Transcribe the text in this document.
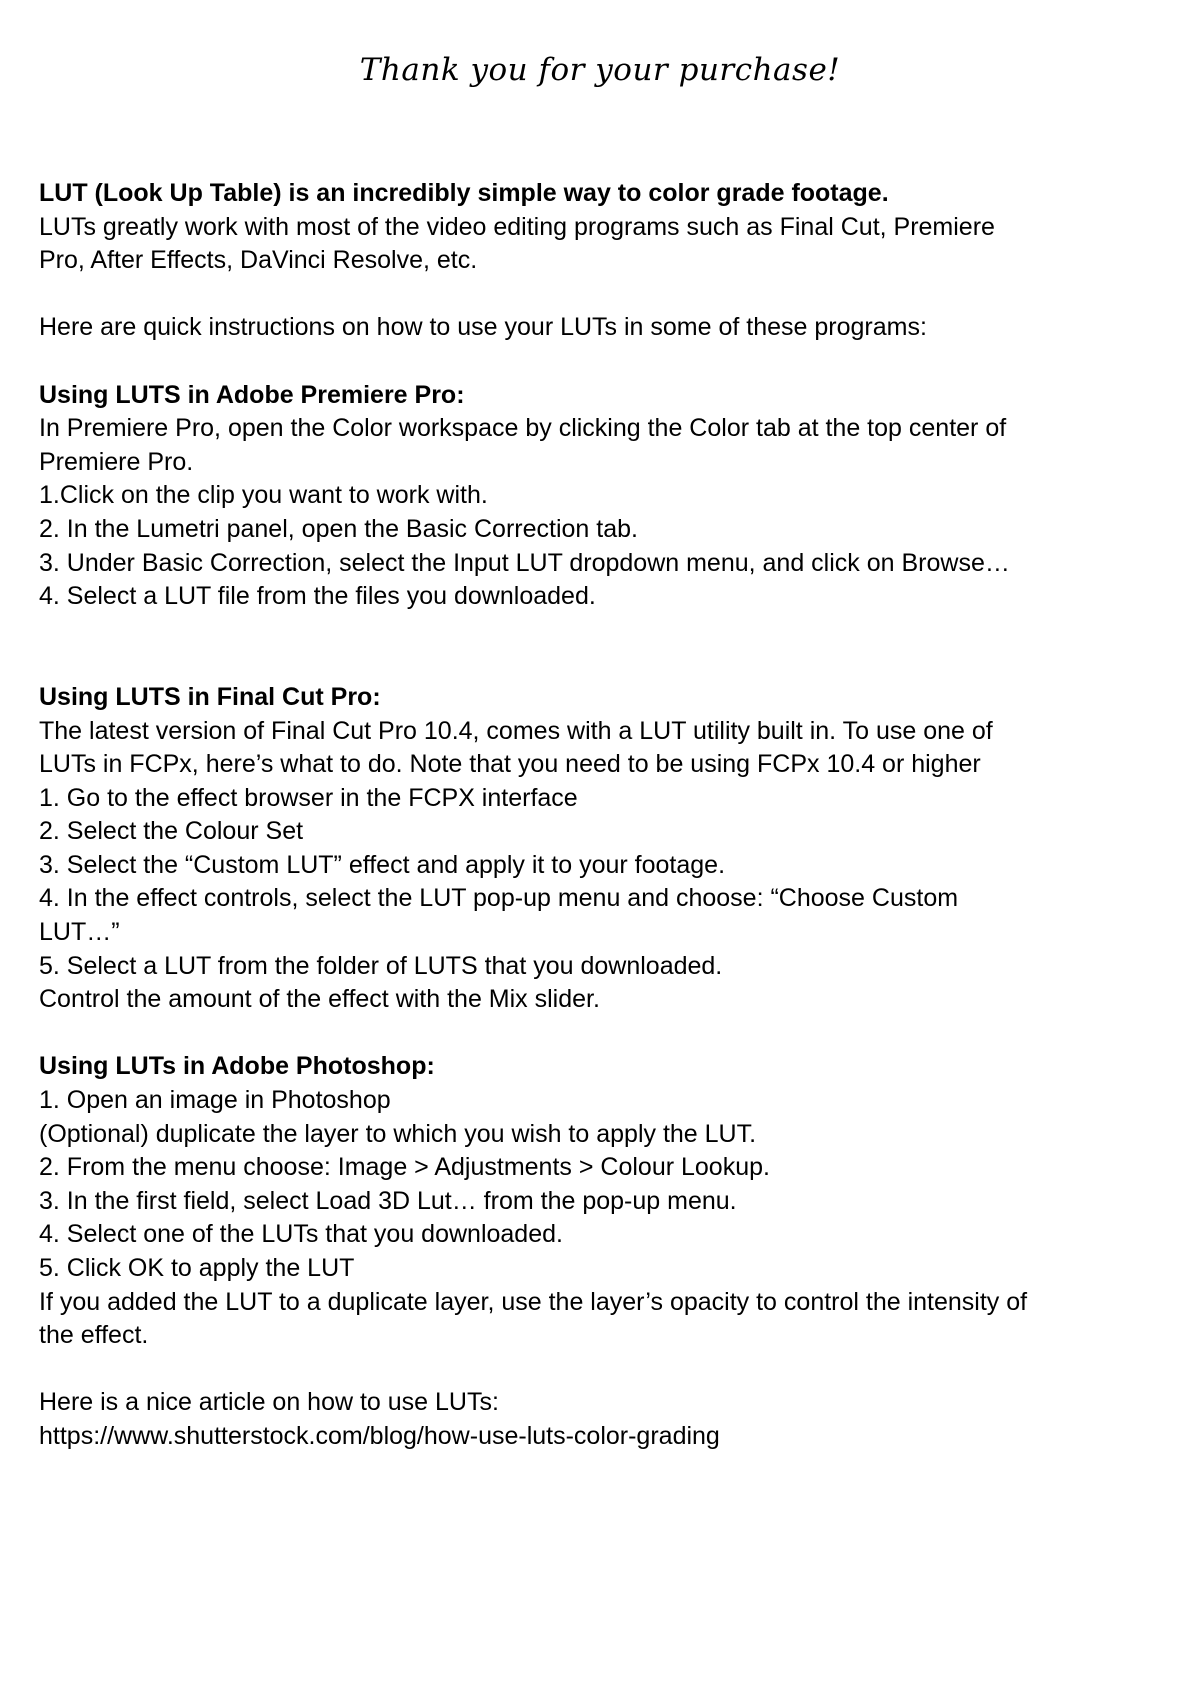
Thank you for your purchase!
LUT (Look Up Table) is an incredibly simple way to color grade footage.
LUTs greatly work with most of the video editing programs such as Final Cut, Premiere
Pro, After Effects, DaVinci Resolve, etc.
Here are quick instructions on how to use your LUTs in some of these programs:
Using LUTS in Adobe Premiere Pro:
In Premiere Pro, open the Color workspace by clicking the Color tab at the top center of
Premiere Pro.
1.Click on the clip you want to work with.
2. In the Lumetri panel, open the Basic Correction tab.
3. Under Basic Correction, select the Input LUT dropdown menu, and click on Browse…
4. Select a LUT file from the files you downloaded.
Using LUTS in Final Cut Pro:
The latest version of Final Cut Pro 10.4, comes with a LUT utility built in. To use one of
LUTs in FCPx, here’s what to do. Note that you need to be using FCPx 10.4 or higher
1. Go to the effect browser in the FCPX interface
2. Select the Colour Set
3. Select the “Custom LUT” effect and apply it to your footage.
4. In the effect controls, select the LUT pop-up menu and choose: “Choose Custom
LUT…”
5. Select a LUT from the folder of LUTS that you downloaded.
Control the amount of the effect with the Mix slider.
Using LUTs in Adobe Photoshop:
1. Open an image in Photoshop
(Optional) duplicate the layer to which you wish to apply the LUT.
2. From the menu choose: Image > Adjustments > Colour Lookup.
3. In the first field, select Load 3D Lut… from the pop-up menu.
4. Select one of the LUTs that you downloaded.
5. Click OK to apply the LUT
If you added the LUT to a duplicate layer, use the layer’s opacity to control the intensity of
the effect.
Here is a nice article on how to use LUTs:
https://www.shutterstock.com/blog/how-use-luts-color-grading
